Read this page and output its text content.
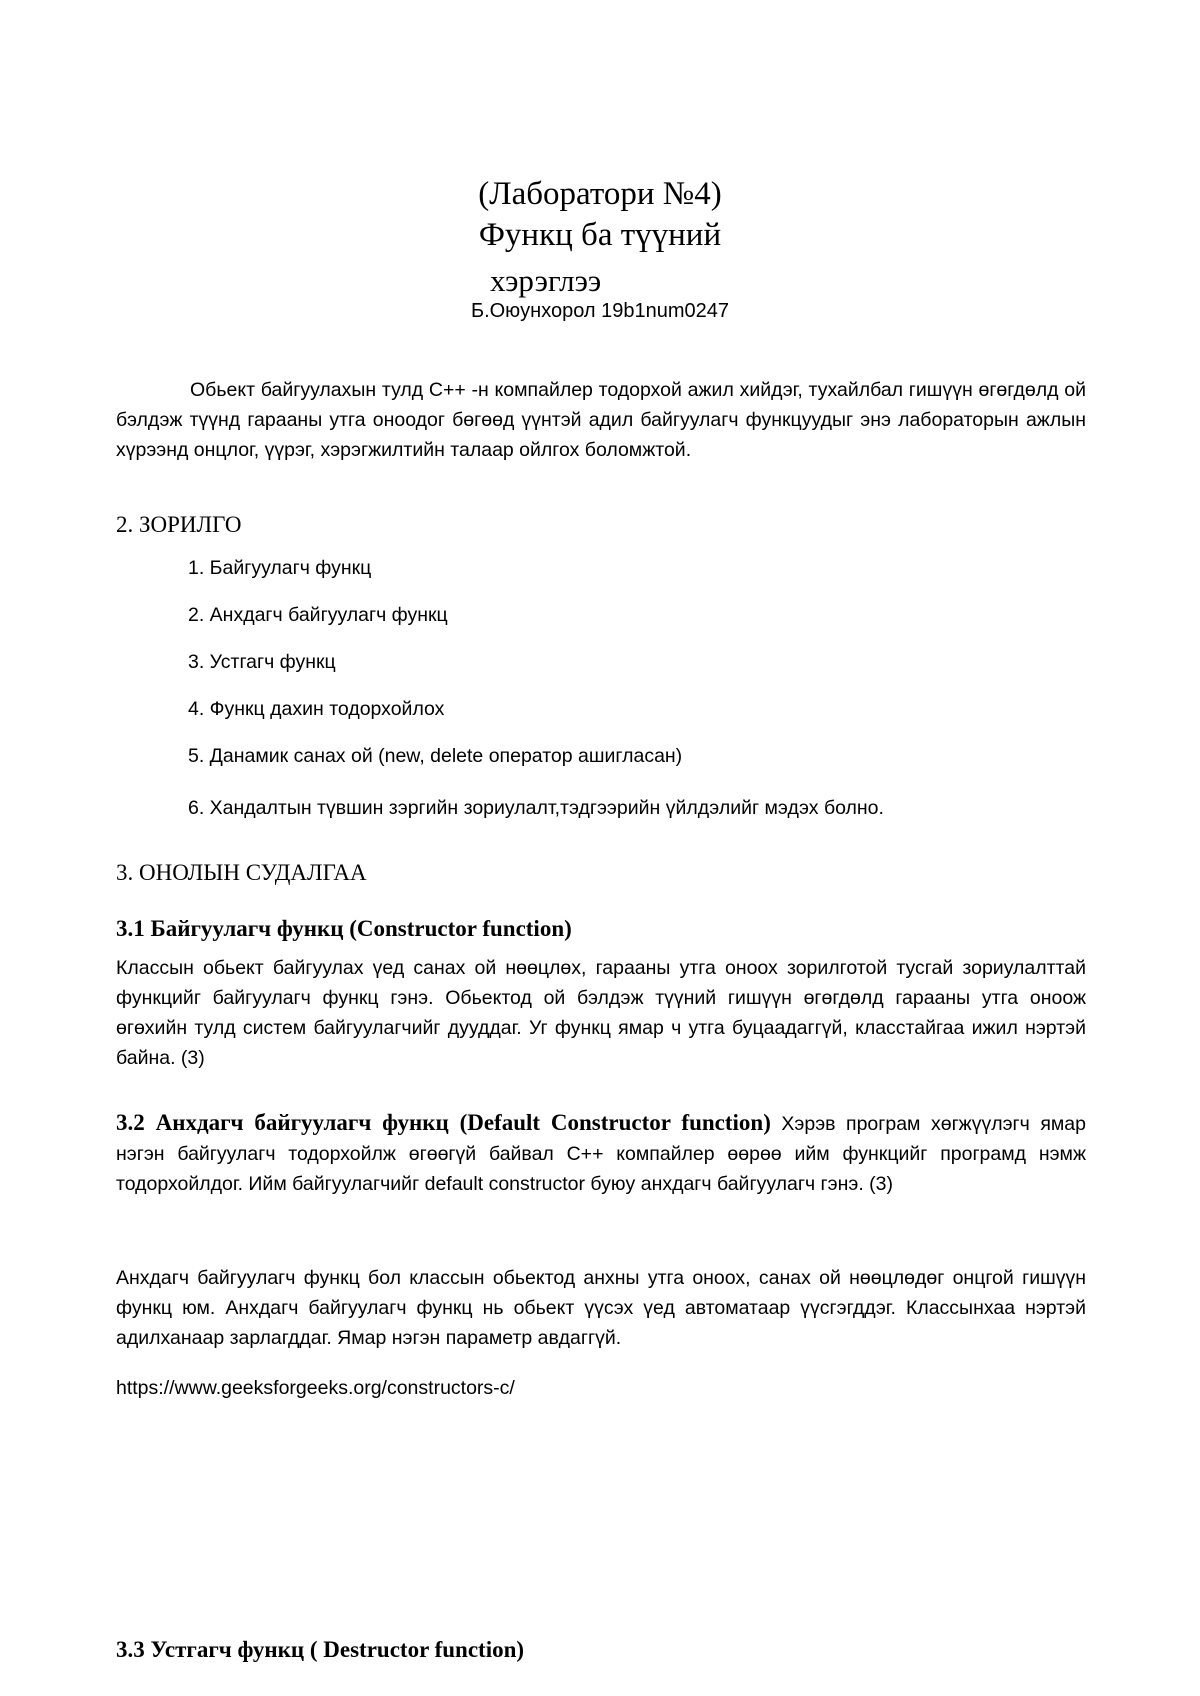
(Лаборатори №4)
Функц ба түүний
хэрэглээ
Б.Оюунхорол 19b1num0247
Обьект байгуулахын тулд C++ -н компайлер тодорхой ажил хийдэг, тухайлбал гишүүн өгөгдөлд ой бэлдэж түүнд гарааны утга оноодог бөгөөд үүнтэй адил байгуулагч функцуудыг энэ лабораторын ажлын хүрээнд онцлог, үүрэг, хэрэгжилтийн талаар ойлгох боломжтой.
2. ЗОРИЛГО
1. Байгуулагч функц
2. Анхдагч байгуулагч функц
3. Устгагч функц
4. Функц дахин тодорхойлох
5. Данамик санах ой (new, delete оператор ашигласан)
6. Хандалтын түвшин зэргийн зориулалт,тэдгээрийн үйлдэлийг мэдэх болно.
3. ОНОЛЫН СУДАЛГАА
3.1 Байгуулагч функц (Constructor function)
Классын обьект байгуулах үед санах ой нөөцлөх, гарааны утга оноох зорилготой тусгай зориулалттай функцийг байгуулагч функц гэнэ. Обьектод ой бэлдэж түүний гишүүн өгөгдөлд гарааны утга оноож өгөхийн тулд систем байгуулагчийг дууддаг. Уг функц ямар ч утга буцаадаггүй, класстайгаа ижил нэртэй байна. (3)
3.2 Анхдагч байгуулагч функц (Default Constructor function) Хэрэв програм хөгжүүлэгч ямар нэгэн байгуулагч тодорхойлж өгөөгүй байвал C++ компайлер өөрөө ийм функцийг програмд нэмж тодорхойлдог. Ийм байгуулагчийг default constructor буюу анхдагч байгуулагч гэнэ. (3)
Анхдагч байгуулагч функц бол классын обьектод анхны утга оноох, санах ой нөөцлөдөг онцгой гишүүн функц юм. Анхдагч байгуулагч функц нь обьект үүсэх үед автоматаар үүсгэгддэг. Классынхаа нэртэй адилханаар зарлагддаг. Ямар нэгэн параметр авдаггүй.
https://www.geeksforgeeks.org/constructors-c/
3.3 Устгагч функц ( Destructor function)
